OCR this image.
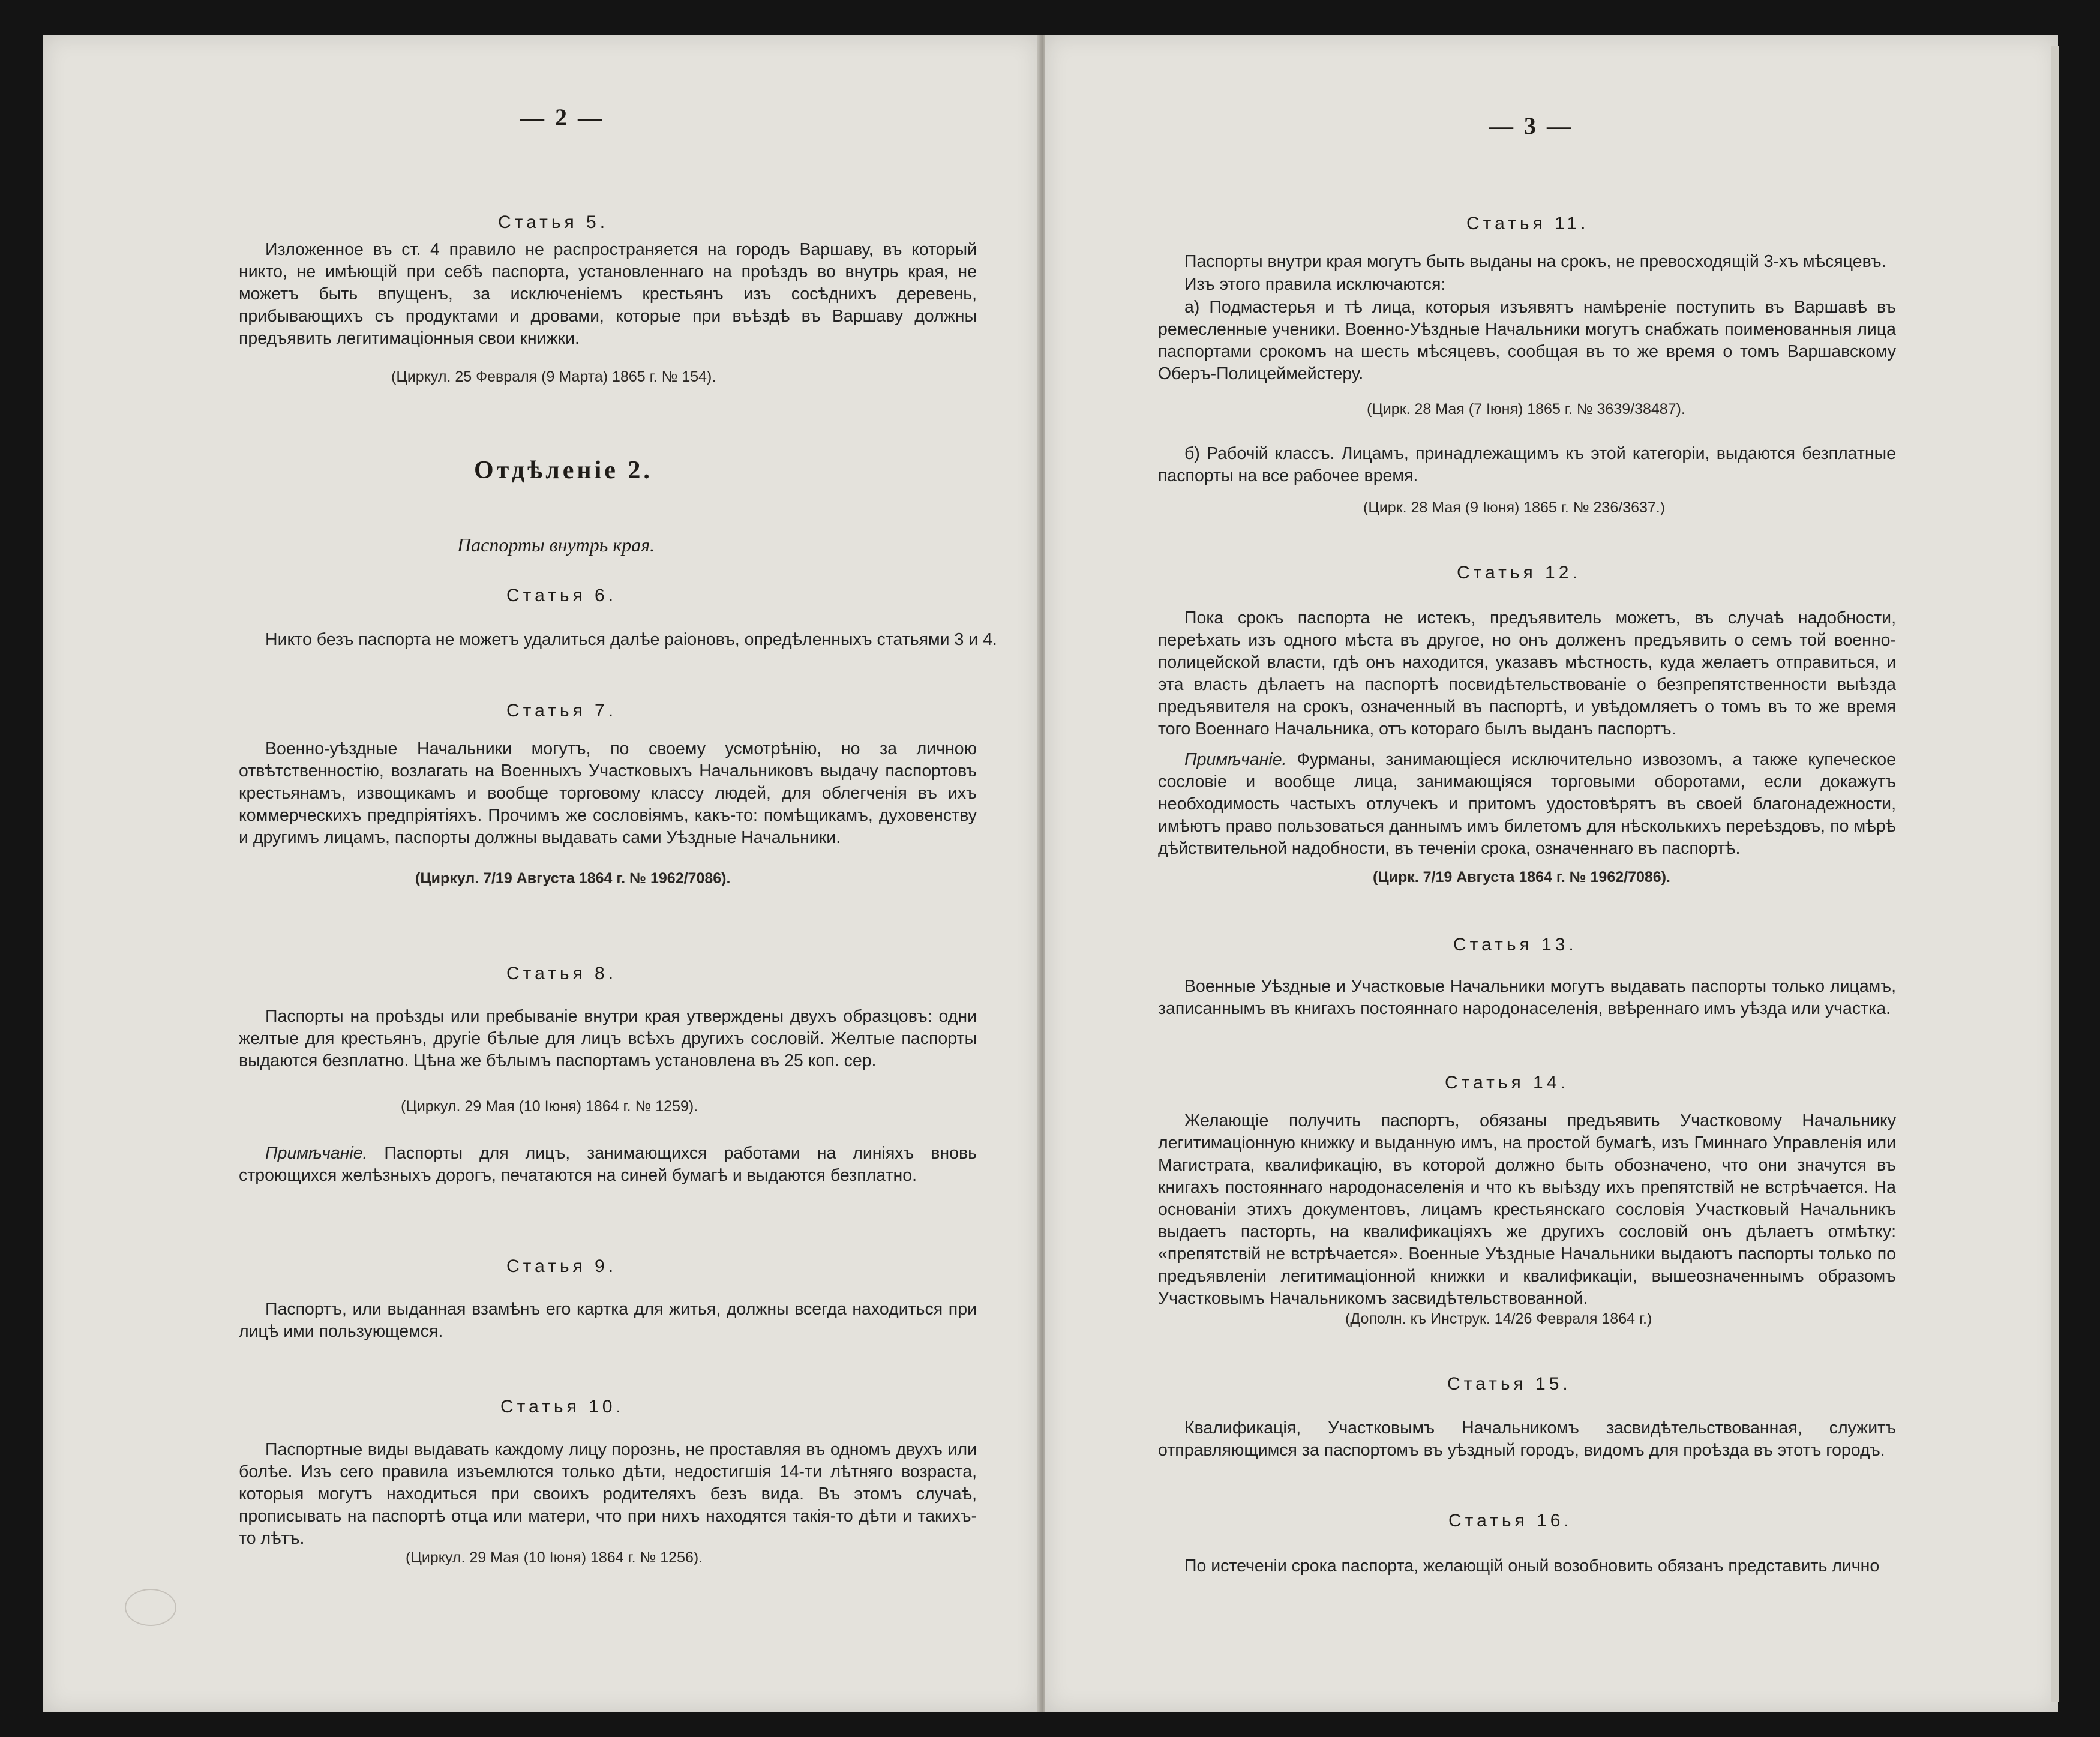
— 2 —
Статья 5.
Изложенное въ ст. 4 правило не распространяется на городъ Варшаву, въ который никто, не имѣющій при себѣ паспорта, установленнаго на проѣздъ во внутрь края, не можетъ быть впущенъ, за исключеніемъ крестьянъ изъ сосѣднихъ деревень, прибывающихъ съ продуктами и дровами, которые при въѣздѣ въ Варшаву должны предъявить легитимаціонныя свои книжки.
(Циркул. 25 Февраля (9 Марта) 1865 г. № 154).
Отдѣленіе 2.
Паспорты внутрь края.
Статья 6.
Никто безъ паспорта не можетъ удалиться далѣе раіоновъ, опредѣленныхъ статьями 3 и 4.
Статья 7.
Военно-уѣздные Начальники могутъ, по своему усмотрѣнію, но за личною отвѣтственностію, возлагать на Военныхъ Участковыхъ Начальниковъ выдачу паспортовъ крестьянамъ, извощикамъ и вообще торговому классу людей, для облегченія въ ихъ коммерческихъ предпріятіяхъ. Прочимъ же сословіямъ, какъ-то: помѣщикамъ, духовенству и другимъ лицамъ, паспорты должны выдавать сами Уѣздные Начальники.
(Циркул. 7/19 Августа 1864 г. № 1962/7086).
Статья 8.
Паспорты на проѣзды или пребываніе внутри края утверждены двухъ образцовъ: одни желтые для крестьянъ, другіе бѣлые для лицъ всѣхъ другихъ сословій. Желтые паспорты выдаются безплатно. Цѣна же бѣлымъ паспортамъ установлена въ 25 коп. сер.
(Циркул. 29 Мая (10 Іюня) 1864 г. № 1259).
Примѣчаніе. Паспорты для лицъ, занимающихся работами на линіяхъ вновь строющихся желѣзныхъ дорогъ, печатаются на синей бумагѣ и выдаются безплатно.
Статья 9.
Паспортъ, или выданная взамѣнъ его картка для житья, должны всегда находиться при лицѣ ими пользующемся.
Статья 10.
Паспортные виды выдавать каждому лицу порознь, не проставляя въ одномъ двухъ или болѣе. Изъ сего правила изъемлются только дѣти, недостигшія 14-ти лѣтняго возраста, которыя могутъ находиться при своихъ родителяхъ безъ вида. Въ этомъ случаѣ, прописывать на паспортѣ отца или матери, что при нихъ находятся такія-то дѣти и такихъ-то лѣтъ.
(Циркул. 29 Мая (10 Іюня) 1864 г. № 1256).
— 3 —
Статья 11.
Паспорты внутри края могутъ быть выданы на срокъ, не превосходящій 3-хъ мѣсяцевъ.
Изъ этого правила исключаются:
а) Подмастерья и тѣ лица, которыя изъявятъ намѣреніе поступить въ Варшавѣ въ ремесленные ученики. Военно-Уѣздные Начальники могутъ снабжать поименованныя лица паспортами срокомъ на шесть мѣсяцевъ, сообщая въ то же время о томъ Варшавскому Оберъ-Полицеймейстеру.
(Цирк. 28 Мая (7 Іюня) 1865 г. № 3639/38487).
б) Рабочій классъ. Лицамъ, принадлежащимъ къ этой категоріи, выдаются безплатные паспорты на все рабочее время.
(Цирк. 28 Мая (9 Іюня) 1865 г. № 236/3637.)
Статья 12.
Пока срокъ паспорта не истекъ, предъявитель можетъ, въ случаѣ надобности, переѣхать изъ одного мѣста въ другое, но онъ долженъ предъявить о семъ той военно-полицейской власти, гдѣ онъ находится, указавъ мѣстность, куда желаетъ отправиться, и эта власть дѣлаетъ на паспортѣ посвидѣтельствованіе о безпрепятственности выѣзда предъявителя на срокъ, означенный въ паспортѣ, и увѣдомляетъ о томъ въ то же время того Военнаго Начальника, отъ котораго былъ выданъ паспортъ.
Примѣчаніе. Фурманы, занимающіеся исключительно извозомъ, а также купеческое сословіе и вообще лица, занимающіяся торговыми оборотами, если докажутъ необходимость частыхъ отлучекъ и притомъ удостовѣрятъ въ своей благонадежности, имѣютъ право пользоваться даннымъ имъ билетомъ для нѣсколькихъ переѣздовъ, по мѣрѣ дѣйствительной надобности, въ теченіи срока, означеннаго въ паспортѣ.
(Цирк. 7/19 Августа 1864 г. № 1962/7086).
Статья 13.
Военные Уѣздные и Участковые Начальники могутъ выдавать паспорты только лицамъ, записаннымъ въ книгахъ постояннаго народонаселенія, ввѣреннаго имъ уѣзда или участка.
Статья 14.
Желающіе получить паспортъ, обязаны предъявить Участковому Начальнику легитимаціонную книжку и выданную имъ, на простой бумагѣ, изъ Гминнаго Управленія или Магистрата, квалификацію, въ которой должно быть обозначено, что они значутся въ книгахъ постояннаго народонаселенія и что къ выѣзду ихъ препятствій не встрѣчается. На основаніи этихъ документовъ, лицамъ крестьянскаго сословія Участковый Начальникъ выдаетъ пасторть, на квалификаціяхъ же другихъ сословій онъ дѣлаетъ отмѣтку: «препятствій не встрѣчается». Военные Уѣздные Начальники выдаютъ паспорты только по предъявленіи легитимаціонной книжки и квалификаціи, вышеозначеннымъ образомъ Участковымъ Начальникомъ засвидѣтельствованной.
(Дополн. къ Инструк. 14/26 Февраля 1864 г.)
Статья 15.
Квалификація, Участковымъ Начальникомъ засвидѣтельствованная, служитъ отправляющимся за паспортомъ въ уѣздный городъ, видомъ для проѣзда въ этотъ городъ.
Статья 16.
По истеченіи срока паспорта, желающій оный возобновить обязанъ представить лично
